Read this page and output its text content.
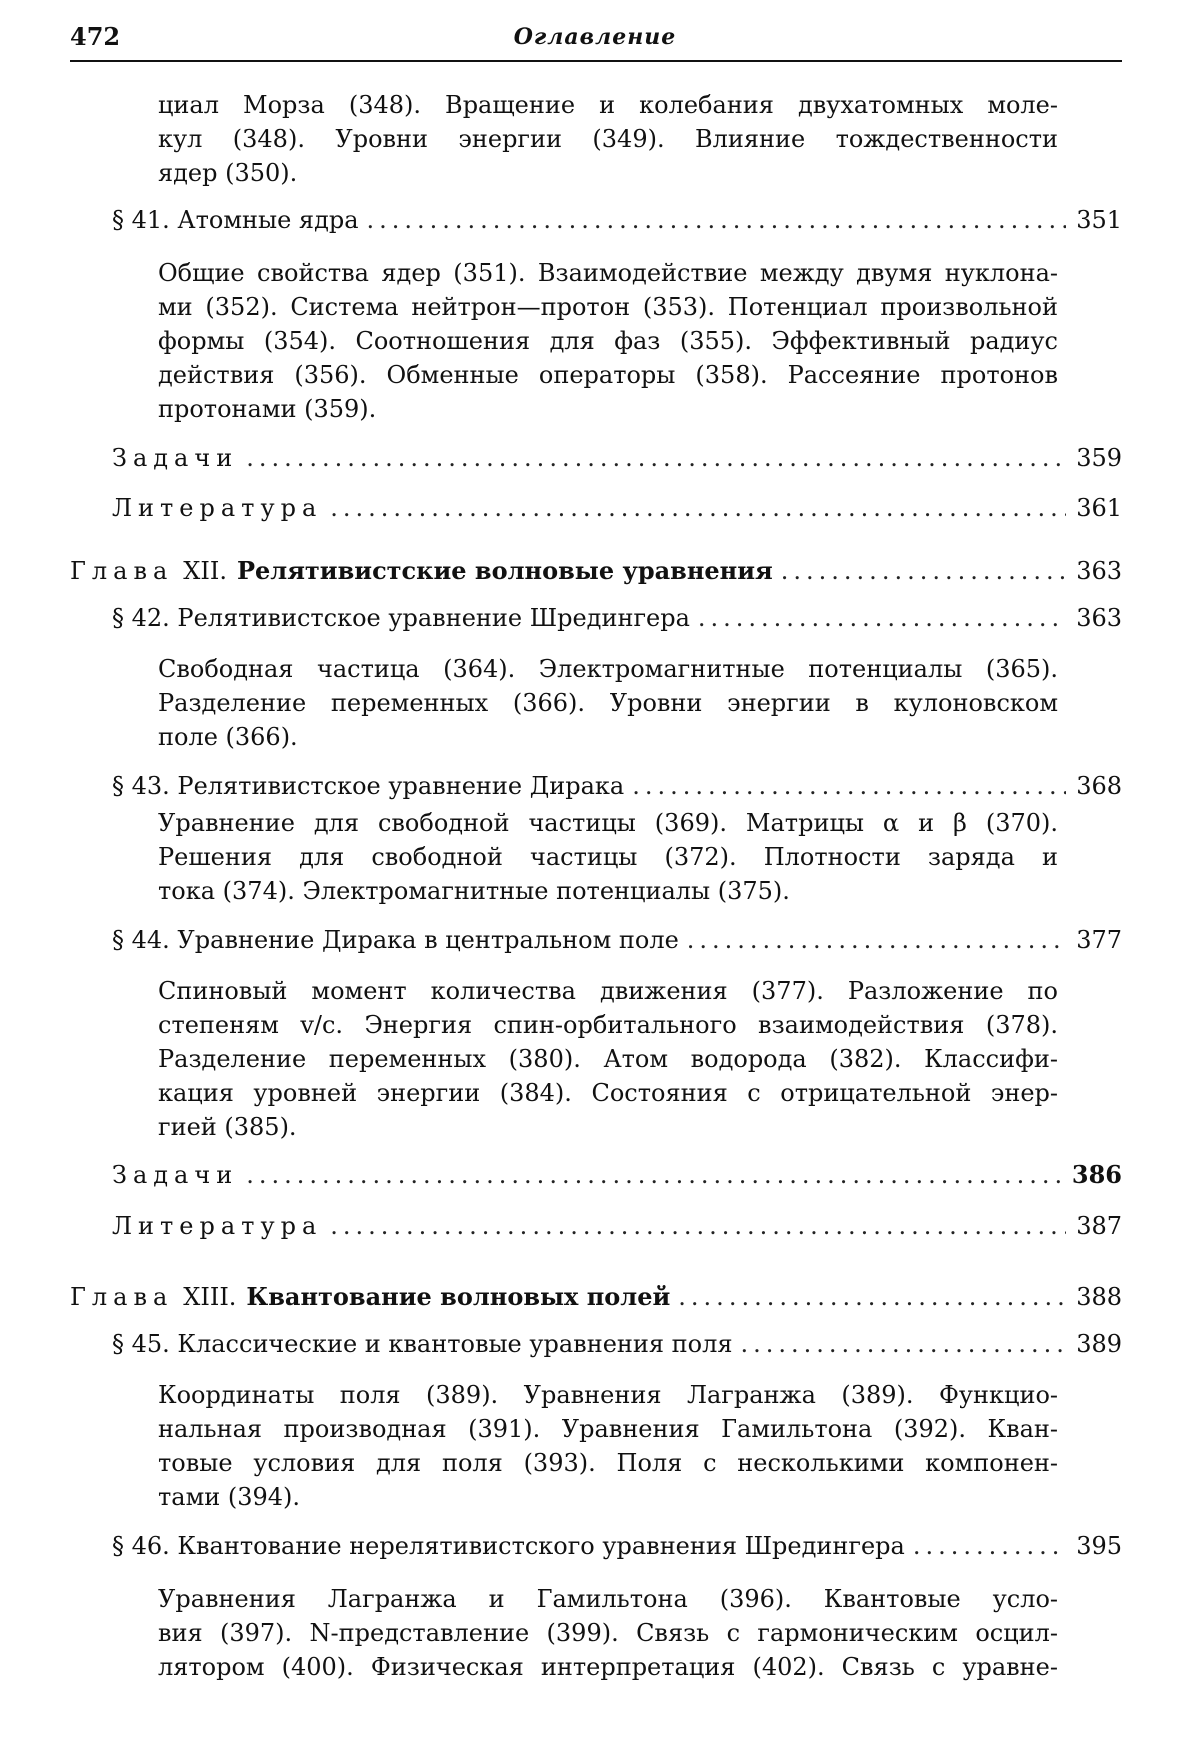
472	Оглавление
циал Морза (348). Вращение и колебания двухатомных моле-
кул (348). Уровни энергии (349). Влияние тождественности
ядер (350).
§ 41. Атомные ядра .....	351
Общие свойства ядер (351). Взаимодействие между двумя нуклона-
ми (352). Система нейтрон—протон (353). Потенциал произвольной
формы (354). Соотношения для фаз (355). Эффективный радиус
действия (356). Обменные операторы (358). Рассеяние протонов
протонами (359).
Задачи .....	359
Литература .....	361
Глава XII. Релятивистские волновые уравнения .....	363
§ 42. Релятивистское уравнение Шредингера .....	363
Свободная частица (364). Электромагнитные потенциалы (365).
Разделение переменных (366). Уровни энергии в кулоновском
поле (366).
§ 43. Релятивистское уравнение Дирака .....	368
Уравнение для свободной частицы (369). Матрицы α и β (370).
Решения для свободной частицы (372). Плотности заряда и
тока (374). Электромагнитные потенциалы (375).
§ 44. Уравнение Дирака в центральном поле .....	377
Спиновый момент количества движения (377). Разложение по
степеням v/c. Энергия спин-орбитального взаимодействия (378).
Разделение переменных (380). Атом водорода (382). Классифи-
кация уровней энергии (384). Состояния с отрицательной энер-
гией (385).
Задачи .....	386
Литература .....	387
Глава XIII. Квантование волновых полей .....	388
§ 45. Классические и квантовые уравнения поля .....	389
Координаты поля (389). Уравнения Лагранжа (389). Функцио-
нальная производная (391). Уравнения Гамильтона (392). Кван-
товые условия для поля (393). Поля с несколькими компонен-
тами (394).
§ 46. Квантование нерелятивистского уравнения Шредингера .....	395
Уравнения Лагранжа и Гамильтона (396). Квантовые усло-
вия (397). N-представление (399). Связь с гармоническим осцил-
лятором (400). Физическая интерпретация (402). Связь с уравне-
